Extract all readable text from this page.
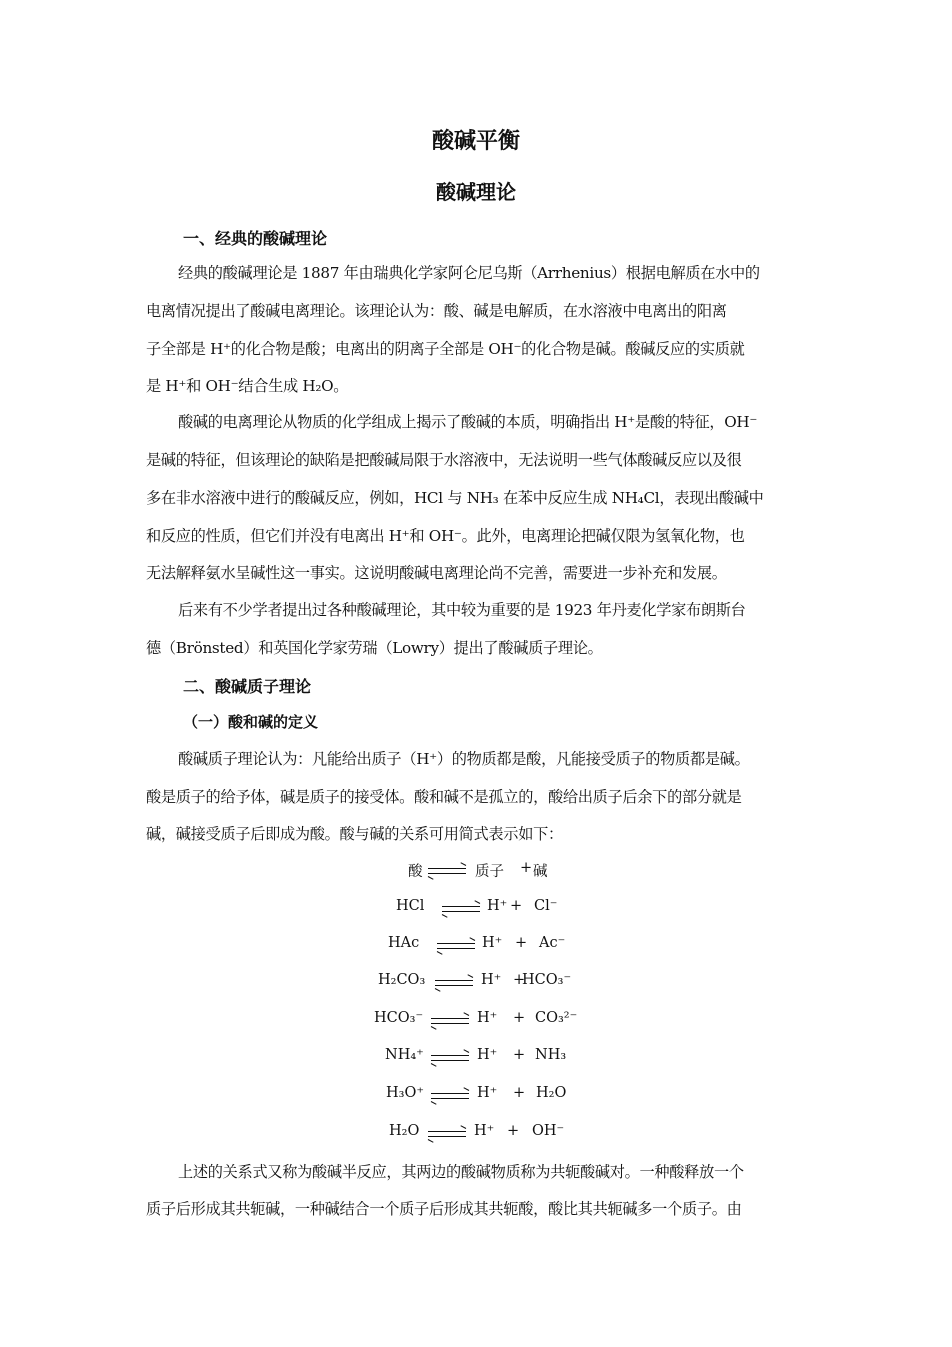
酸碱平衡
酸碱理论
一、经典的酸碱理论
经典的酸碱理论是 1887 年由瑞典化学家阿仑尼乌斯（Arrhenius）根据电解质在水中的
电离情况提出了酸碱电离理论。该理论认为：酸、碱是电解质，在水溶液中电离出的阳离
子全部是 H⁺的化合物是酸；电离出的阴离子全部是 OH⁻的化合物是碱。酸碱反应的实质就
是 H⁺和 OH⁻结合生成 H₂O。
酸碱的电离理论从物质的化学组成上揭示了酸碱的本质，明确指出 H⁺是酸的特征，OH⁻
是碱的特征，但该理论的缺陷是把酸碱局限于水溶液中，无法说明一些气体酸碱反应以及很
多在非水溶液中进行的酸碱反应，例如，HCl 与 NH₃ 在苯中反应生成 NH₄Cl，表现出酸碱中
和反应的性质，但它们并没有电离出 H⁺和 OH⁻。此外，电离理论把碱仅限为氢氧化物，也
无法解释氨水呈碱性这一事实。这说明酸碱电离理论尚不完善，需要进一步补充和发展。
后来有不少学者提出过各种酸碱理论，其中较为重要的是 1923 年丹麦化学家布朗斯台
德（Brönsted）和英国化学家劳瑞（Lowry）提出了酸碱质子理论。
二、酸碱质子理论
（一）酸和碱的定义
酸碱质子理论认为：凡能给出质子（H⁺）的物质都是酸，凡能接受质子的物质都是碱。
酸是质子的给予体，碱是质子的接受体。酸和碱不是孤立的，酸给出质子后余下的部分就是
碱，碱接受质子后即成为酸。酸与碱的关系可用简式表示如下：
酸 ⇌ 质子 + 碱
HCl ⇌ H⁺ + Cl⁻
HAc ⇌ H⁺ + Ac⁻
H₂CO₃ ⇌ H⁺ +
HCO₃⁻
HCO₃⁻ ⇌ H⁺ + CO₃²⁻
NH₄⁺ ⇌ H⁺ + NH₃
H₃O⁺ ⇌ H⁺ + H₂O
H₂O ⇌ H⁺ + OH⁻
上述的关系式又称为酸碱半反应，其两边的酸碱物质称为共轭酸碱对。一种酸释放一个
质子后形成其共轭碱，一种碱结合一个质子后形成其共轭酸，酸比其共轭碱多一个质子。由
